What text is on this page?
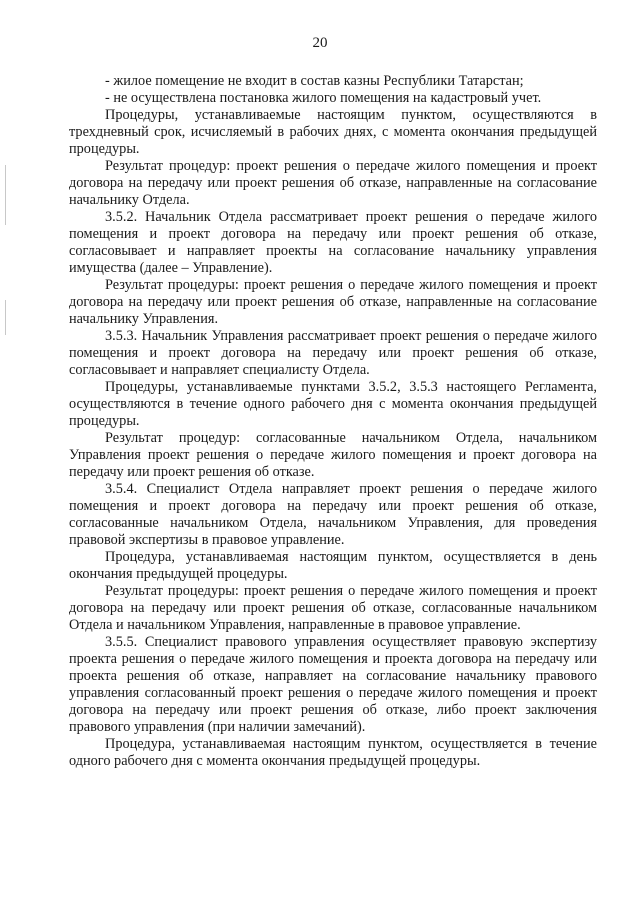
20

- жилое помещение не входит в состав казны Республики Татарстан;

- не осуществлена постановка жилого помещения на кадастровый учет.

Процедуры, устанавливаемые настоящим пунктом, осуществляются в трехдневный срок, исчисляемый в рабочих днях, с момента окончания предыдущей процедуры.

Результат процедур: проект решения о передаче жилого помещения и проект договора на передачу или проект решения об отказе, направленные на согласование начальнику Отдела.

3.5.2. Начальник Отдела рассматривает проект решения о передаче жилого помещения и проект договора на передачу или проект решения об отказе, согласовывает и направляет проекты на согласование начальнику управления имущества (далее – Управление).

Результат процедуры: проект решения о передаче жилого помещения и проект договора на передачу или проект решения об отказе, направленные на согласование начальнику Управления.

3.5.3. Начальник Управления рассматривает проект решения о передаче жилого помещения и проект договора на передачу или проект решения об отказе, согласовывает и направляет специалисту Отдела.

Процедуры, устанавливаемые пунктами 3.5.2, 3.5.3 настоящего Регламента, осуществляются в течение одного рабочего дня с момента окончания предыдущей процедуры.

Результат процедур: согласованные начальником Отдела, начальником Управления проект решения о передаче жилого помещения и проект договора на передачу или проект решения об отказе.

3.5.4. Специалист Отдела направляет проект решения о передаче жилого помещения и проект договора на передачу или проект решения об отказе, согласованные начальником Отдела, начальником Управления, для проведения правовой экспертизы в правовое управление.

Процедура, устанавливаемая настоящим пунктом, осуществляется в день окончания предыдущей процедуры.

Результат процедуры: проект решения о передаче жилого помещения и проект договора на передачу или проект решения об отказе, согласованные начальником Отдела и начальником Управления, направленные в правовое управление.

3.5.5. Специалист правового управления осуществляет правовую экспертизу проекта решения о передаче жилого помещения и проекта договора на передачу или проекта решения об отказе, направляет на согласование начальнику правового управления согласованный проект решения о передаче жилого помещения и проект договора на передачу или проект решения об отказе, либо проект заключения правового управления (при наличии замечаний).

Процедура, устанавливаемая настоящим пунктом, осуществляется в течение одного рабочего дня с момента окончания предыдущей процедуры.
